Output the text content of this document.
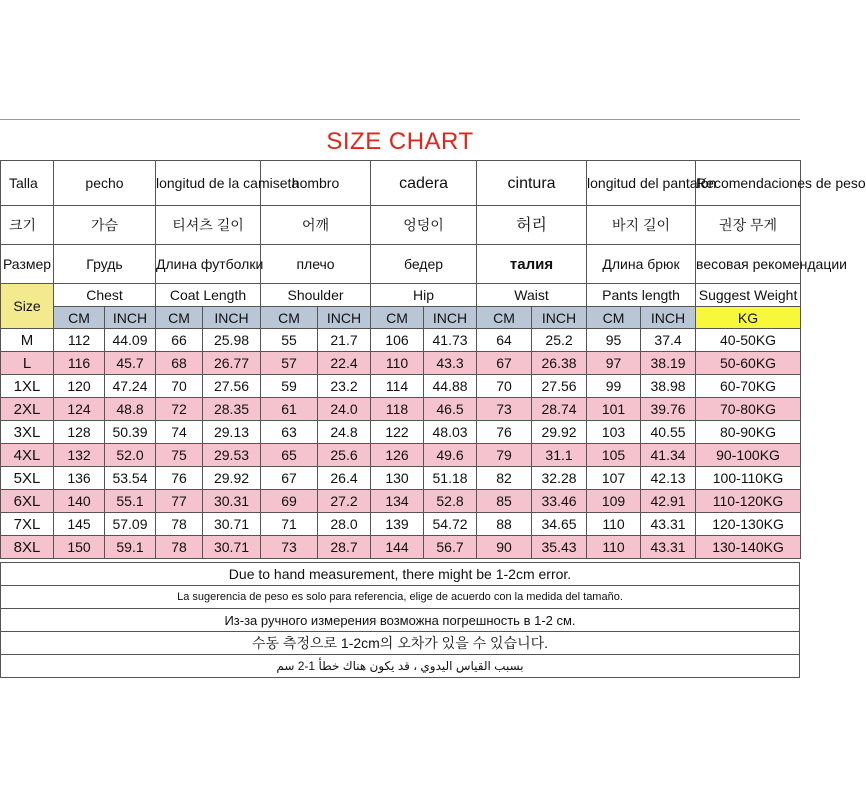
SIZE CHART
Talla	pecho		longitud de la camiseta		hombro		cadera		cintura		longitud del pantalón		Recomendaciones de peso
크기	가슴		티셔츠 길이		어깨		엉덩이		허리		바지 길이		권장 무게
Размер	Грудь		Длина футболки		плечо		бедер		талия		Длина брюк		весовая рекомендации
Size	Chest		Coat Length		Shoulder		Hip		Waist		Pants length		Suggest Weight
	CM	INCH	CM	INCH	CM	INCH	CM	INCH	CM	INCH	CM	INCH	KG
M	112	44.09	66	25.98	55	21.7	106	41.73	64	25.2	95	37.4	40-50KG
L	116	45.7	68	26.77	57	22.4	110	43.3	67	26.38	97	38.19	50-60KG
1XL	120	47.24	70	27.56	59	23.2	114	44.88	70	27.56	99	38.98	60-70KG
2XL	124	48.8	72	28.35	61	24.0	118	46.5	73	28.74	101	39.76	70-80KG
3XL	128	50.39	74	29.13	63	24.8	122	48.03	76	29.92	103	40.55	80-90KG
4XL	132	52.0	75	29.53	65	25.6	126	49.6	79	31.1	105	41.34	90-100KG
5XL	136	53.54	76	29.92	67	26.4	130	51.18	82	32.28	107	42.13	100-110KG
6XL	140	55.1	77	30.31	69	27.2	134	52.8	85	33.46	109	42.91	110-120KG
7XL	145	57.09	78	30.71	71	28.0	139	54.72	88	34.65	110	43.31	120-130KG
8XL	150	59.1	78	30.71	73	28.7	144	56.7	90	35.43	110	43.31	130-140KG
Due to hand measurement, there might be 1-2cm error.
La sugerencia de peso es solo para referencia, elige de acuerdo con la medida del tamaño.
Из-за ручного измерения возможна погрешность в 1-2 см.
수동 측정으로 1-2cm의 오차가 있을 수 있습니다.
بسبب القياس اليدوي ، قد يكون هناك خطأ 1-2 سم
